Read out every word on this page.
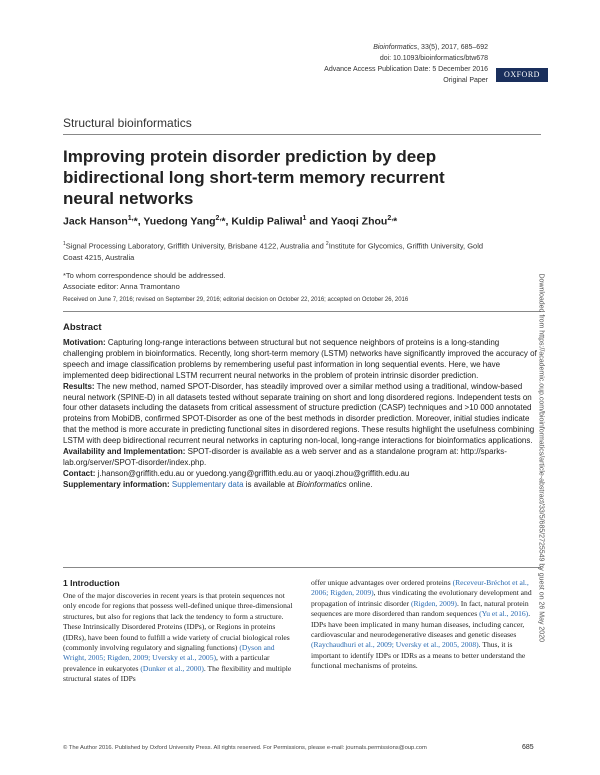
Bioinformatics, 33(5), 2017, 685–692
doi: 10.1093/bioinformatics/btw678
Advance Access Publication Date: 5 December 2016
Original Paper
OXFORD
Structural bioinformatics
Improving protein disorder prediction by deep bidirectional long short-term memory recurrent neural networks
Jack Hanson$^{1,}$*, Yuedong Yang$^{2,}$*, Kuldip Paliwal$^1$ and Yaoqi Zhou$^{2,}$*
$^1$Signal Processing Laboratory, Griffith University, Brisbane 4122, Australia and $^2$Institute for Glycomics, Griffith University, Gold Coast 4215, Australia
*To whom correspondence should be addressed.
Associate editor: Anna Tramontano
Received on June 7, 2016; revised on September 29, 2016; editorial decision on October 22, 2016; accepted on October 26, 2016
Abstract

Motivation: Capturing long-range interactions between structural but not sequence neighbors of proteins is a long-standing challenging problem in bioinformatics. Recently, long short-term memory (LSTM) networks have significantly improved the accuracy of speech and image classification problems by remembering useful past information in long sequential events. Here, we have implemented deep bidirectional LSTM recurrent neural networks in the problem of protein intrinsic disorder prediction.

Results: The new method, named SPOT-Disorder, has steadily improved over a similar method using a traditional, window-based neural network (SPINE-D) in all datasets tested without separate training on short and long disordered regions. Independent tests on four other datasets including the datasets from critical assessment of structure prediction (CASP) techniques and >10 000 annotated proteins from MobiDB, confirmed SPOT-Disorder as one of the best methods in disorder prediction. Moreover, initial studies indicate that the method is more accurate in predicting functional sites in disordered regions. These results highlight the usefulness combining LSTM with deep bidirectional recurrent neural networks in capturing non-local, long-range interactions for bioinformatics applications.

Availability and Implementation: SPOT-disorder is available as a web server and as a standalone program at: http://sparks-lab.org/server/SPOT-disorder/index.php.

Contact: j.hanson@griffith.edu.au or yuedong.yang@griffith.edu.au or yaoqi.zhou@griffith.edu.au

Supplementary information: Supplementary data is available at Bioinformatics online.

1 Introduction
One of the major discoveries in recent years is that protein sequences not only encode for regions that possess well-defined unique three-dimensional structures, but also for regions that lack the tendency to form a structure. These Intrinsically Disordered Proteins (IDPs), or Regions in proteins (IDRs), have been found to fulfill a wide variety of crucial biological roles (commonly involving regulatory and signaling functions) (Dyson and Wright, 2005; Rigden, 2009; Uversky et al., 2005), with a particular prevalence in eukaryotes (Dunker et al., 2000). The flexibility and multiple structural states of IDPs
offer unique advantages over ordered proteins (Receveur-Bréchot et al., 2006; Rigden, 2009), thus vindicating the evolutionary development and propagation of intrinsic disorder (Rigden, 2009). In fact, natural protein sequences are more disordered than random sequences (Yu et al., 2016). IDPs have been implicated in many human diseases, including cancer, cardiovascular and neurodegenerative diseases and genetic diseases (Raychaudhuri et al., 2009; Uversky et al., 2005, 2008). Thus, it is important to identify IDPs or IDRs as a means to better understand the functional mechanisms of proteins.
© The Author 2016. Published by Oxford University Press. All rights reserved. For Permissions, please e-mail: journals.permissions@oup.com	685
Downloaded from https://academic.oup.com/bioinformatics/article-abstract/33/5/685/2725549 by guest on 26 May 2020
